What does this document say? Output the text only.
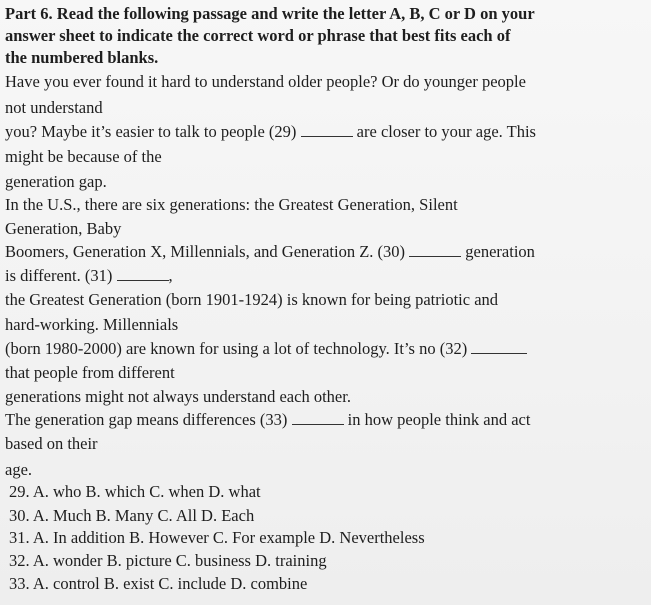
Part 6. Read the following passage and write the letter A, B, C or D on your
answer sheet to indicate the correct word or phrase that best fits each of
the numbered blanks.
Have you ever found it hard to understand older people? Or do younger people
not understand
you? Maybe it’s easier to talk to people (29)	are closer to your age. This
might be because of the
generation gap.
In the U.S., there are six generations: the Greatest Generation, Silent
Generation, Baby
Boomers, Generation X, Millennials, and Generation Z. (30)	generation
is different. (31)	,
the Greatest Generation (born 1901-1924) is known for being patriotic and
hard-working. Millennials
(born 1980-2000) are known for using a lot of technology. It’s no (32)
that people from different
generations might not always understand each other.
The generation gap means differences (33)	in how people think and act
based on their
age.
29. A. who B. which C. when D. what
30. A. Much B. Many C. All D. Each
31. A. In addition B. However C. For example D. Nevertheless
32. A. wonder B. picture C. business D. training
33. A. control B. exist C. include D. combine
